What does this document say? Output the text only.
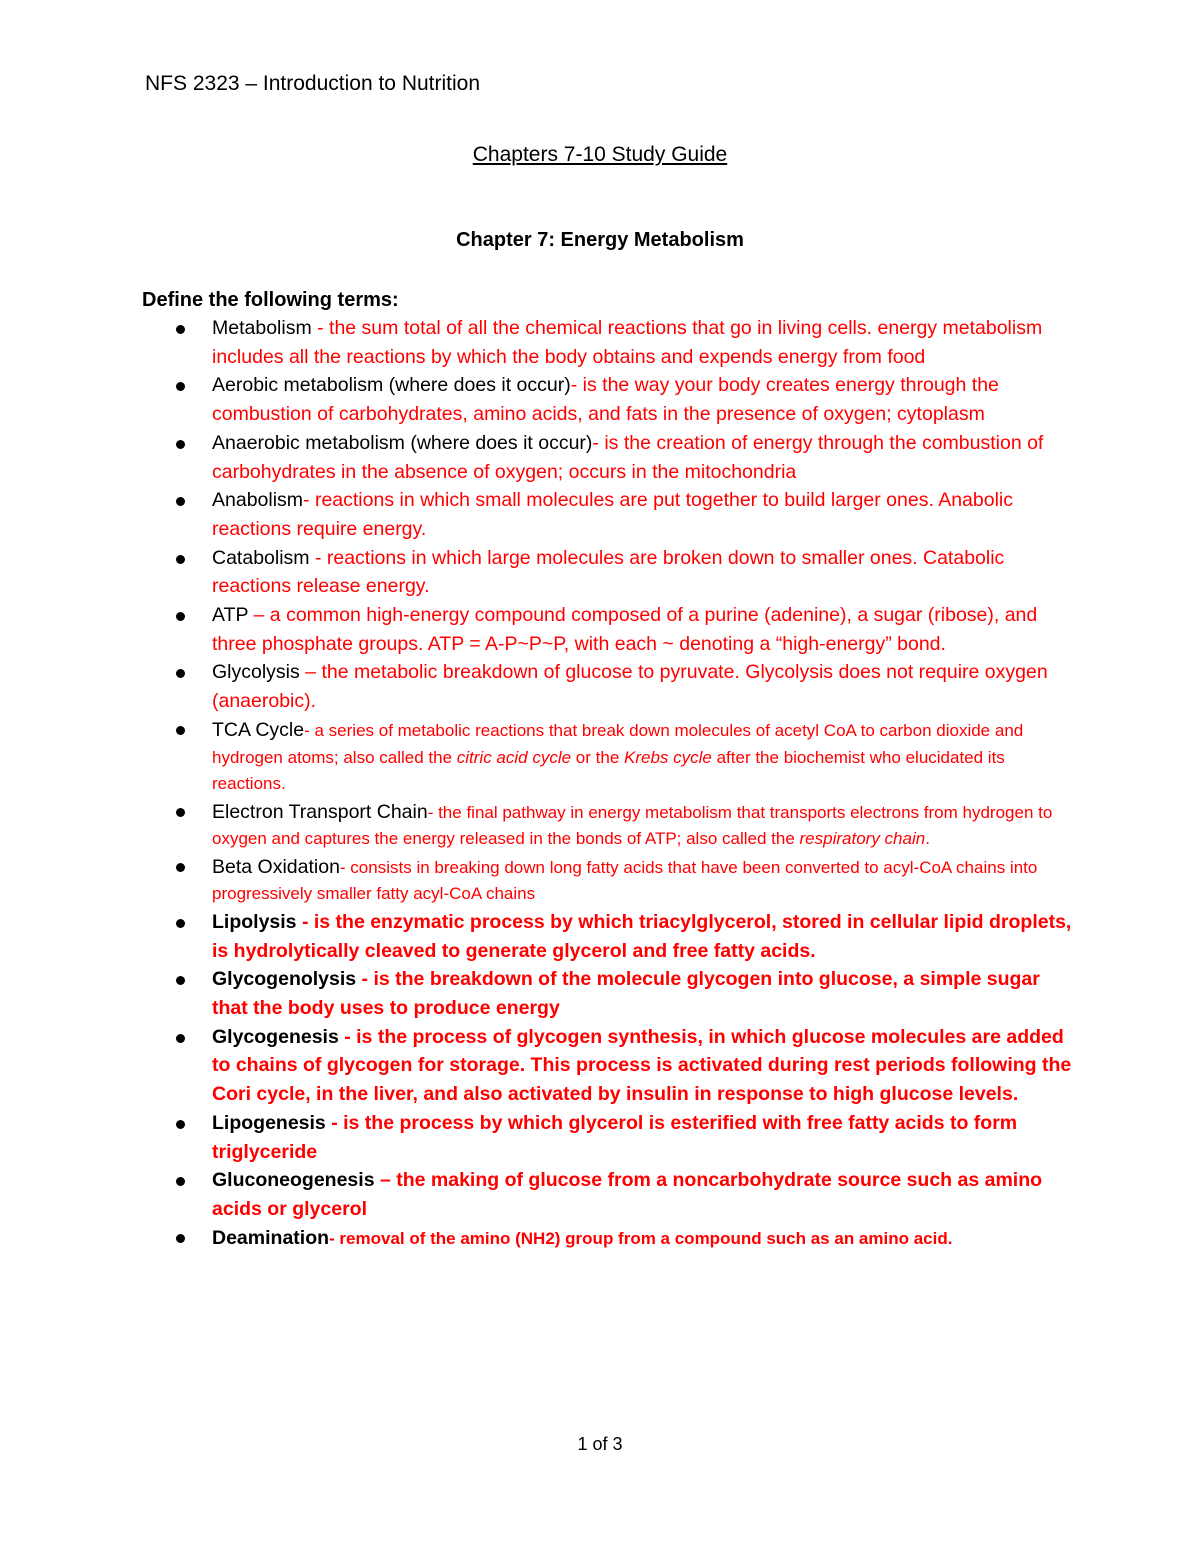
NFS 2323 – Introduction to Nutrition
Chapters 7-10 Study Guide
Chapter 7: Energy Metabolism
Define the following terms:
Metabolism - the sum total of all the chemical reactions that go in living cells. energy metabolism includes all the reactions by which the body obtains and expends energy from food
Aerobic metabolism (where does it occur)- is the way your body creates energy through the combustion of carbohydrates, amino acids, and fats in the presence of oxygen; cytoplasm
Anaerobic metabolism (where does it occur)- is the creation of energy through the combustion of carbohydrates in the absence of oxygen; occurs in the mitochondria
Anabolism- reactions in which small molecules are put together to build larger ones. Anabolic reactions require energy.
Catabolism - reactions in which large molecules are broken down to smaller ones. Catabolic reactions release energy.
ATP – a common high-energy compound composed of a purine (adenine), a sugar (ribose), and three phosphate groups. ATP = A-P~P~P, with each ~ denoting a “high-energy” bond.
Glycolysis – the metabolic breakdown of glucose to pyruvate. Glycolysis does not require oxygen (anaerobic).
TCA Cycle- a series of metabolic reactions that break down molecules of acetyl CoA to carbon dioxide and hydrogen atoms; also called the citric acid cycle or the Krebs cycle after the biochemist who elucidated its reactions.
Electron Transport Chain- the final pathway in energy metabolism that transports electrons from hydrogen to oxygen and captures the energy released in the bonds of ATP; also called the respiratory chain.
Beta Oxidation- consists in breaking down long fatty acids that have been converted to acyl-CoA chains into progressively smaller fatty acyl-CoA chains
Lipolysis - is the enzymatic process by which triacylglycerol, stored in cellular lipid droplets, is hydrolytically cleaved to generate glycerol and free fatty acids.
Glycogenolysis - is the breakdown of the molecule glycogen into glucose, a simple sugar that the body uses to produce energy
Glycogenesis - is the process of glycogen synthesis, in which glucose molecules are added to chains of glycogen for storage. This process is activated during rest periods following the Cori cycle, in the liver, and also activated by insulin in response to high glucose levels.
Lipogenesis - is the process by which glycerol is esterified with free fatty acids to form triglyceride
Gluconeogenesis – the making of glucose from a noncarbohydrate source such as amino acids or glycerol
Deamination- removal of the amino (NH2) group from a compound such as an amino acid.
1 of 3
